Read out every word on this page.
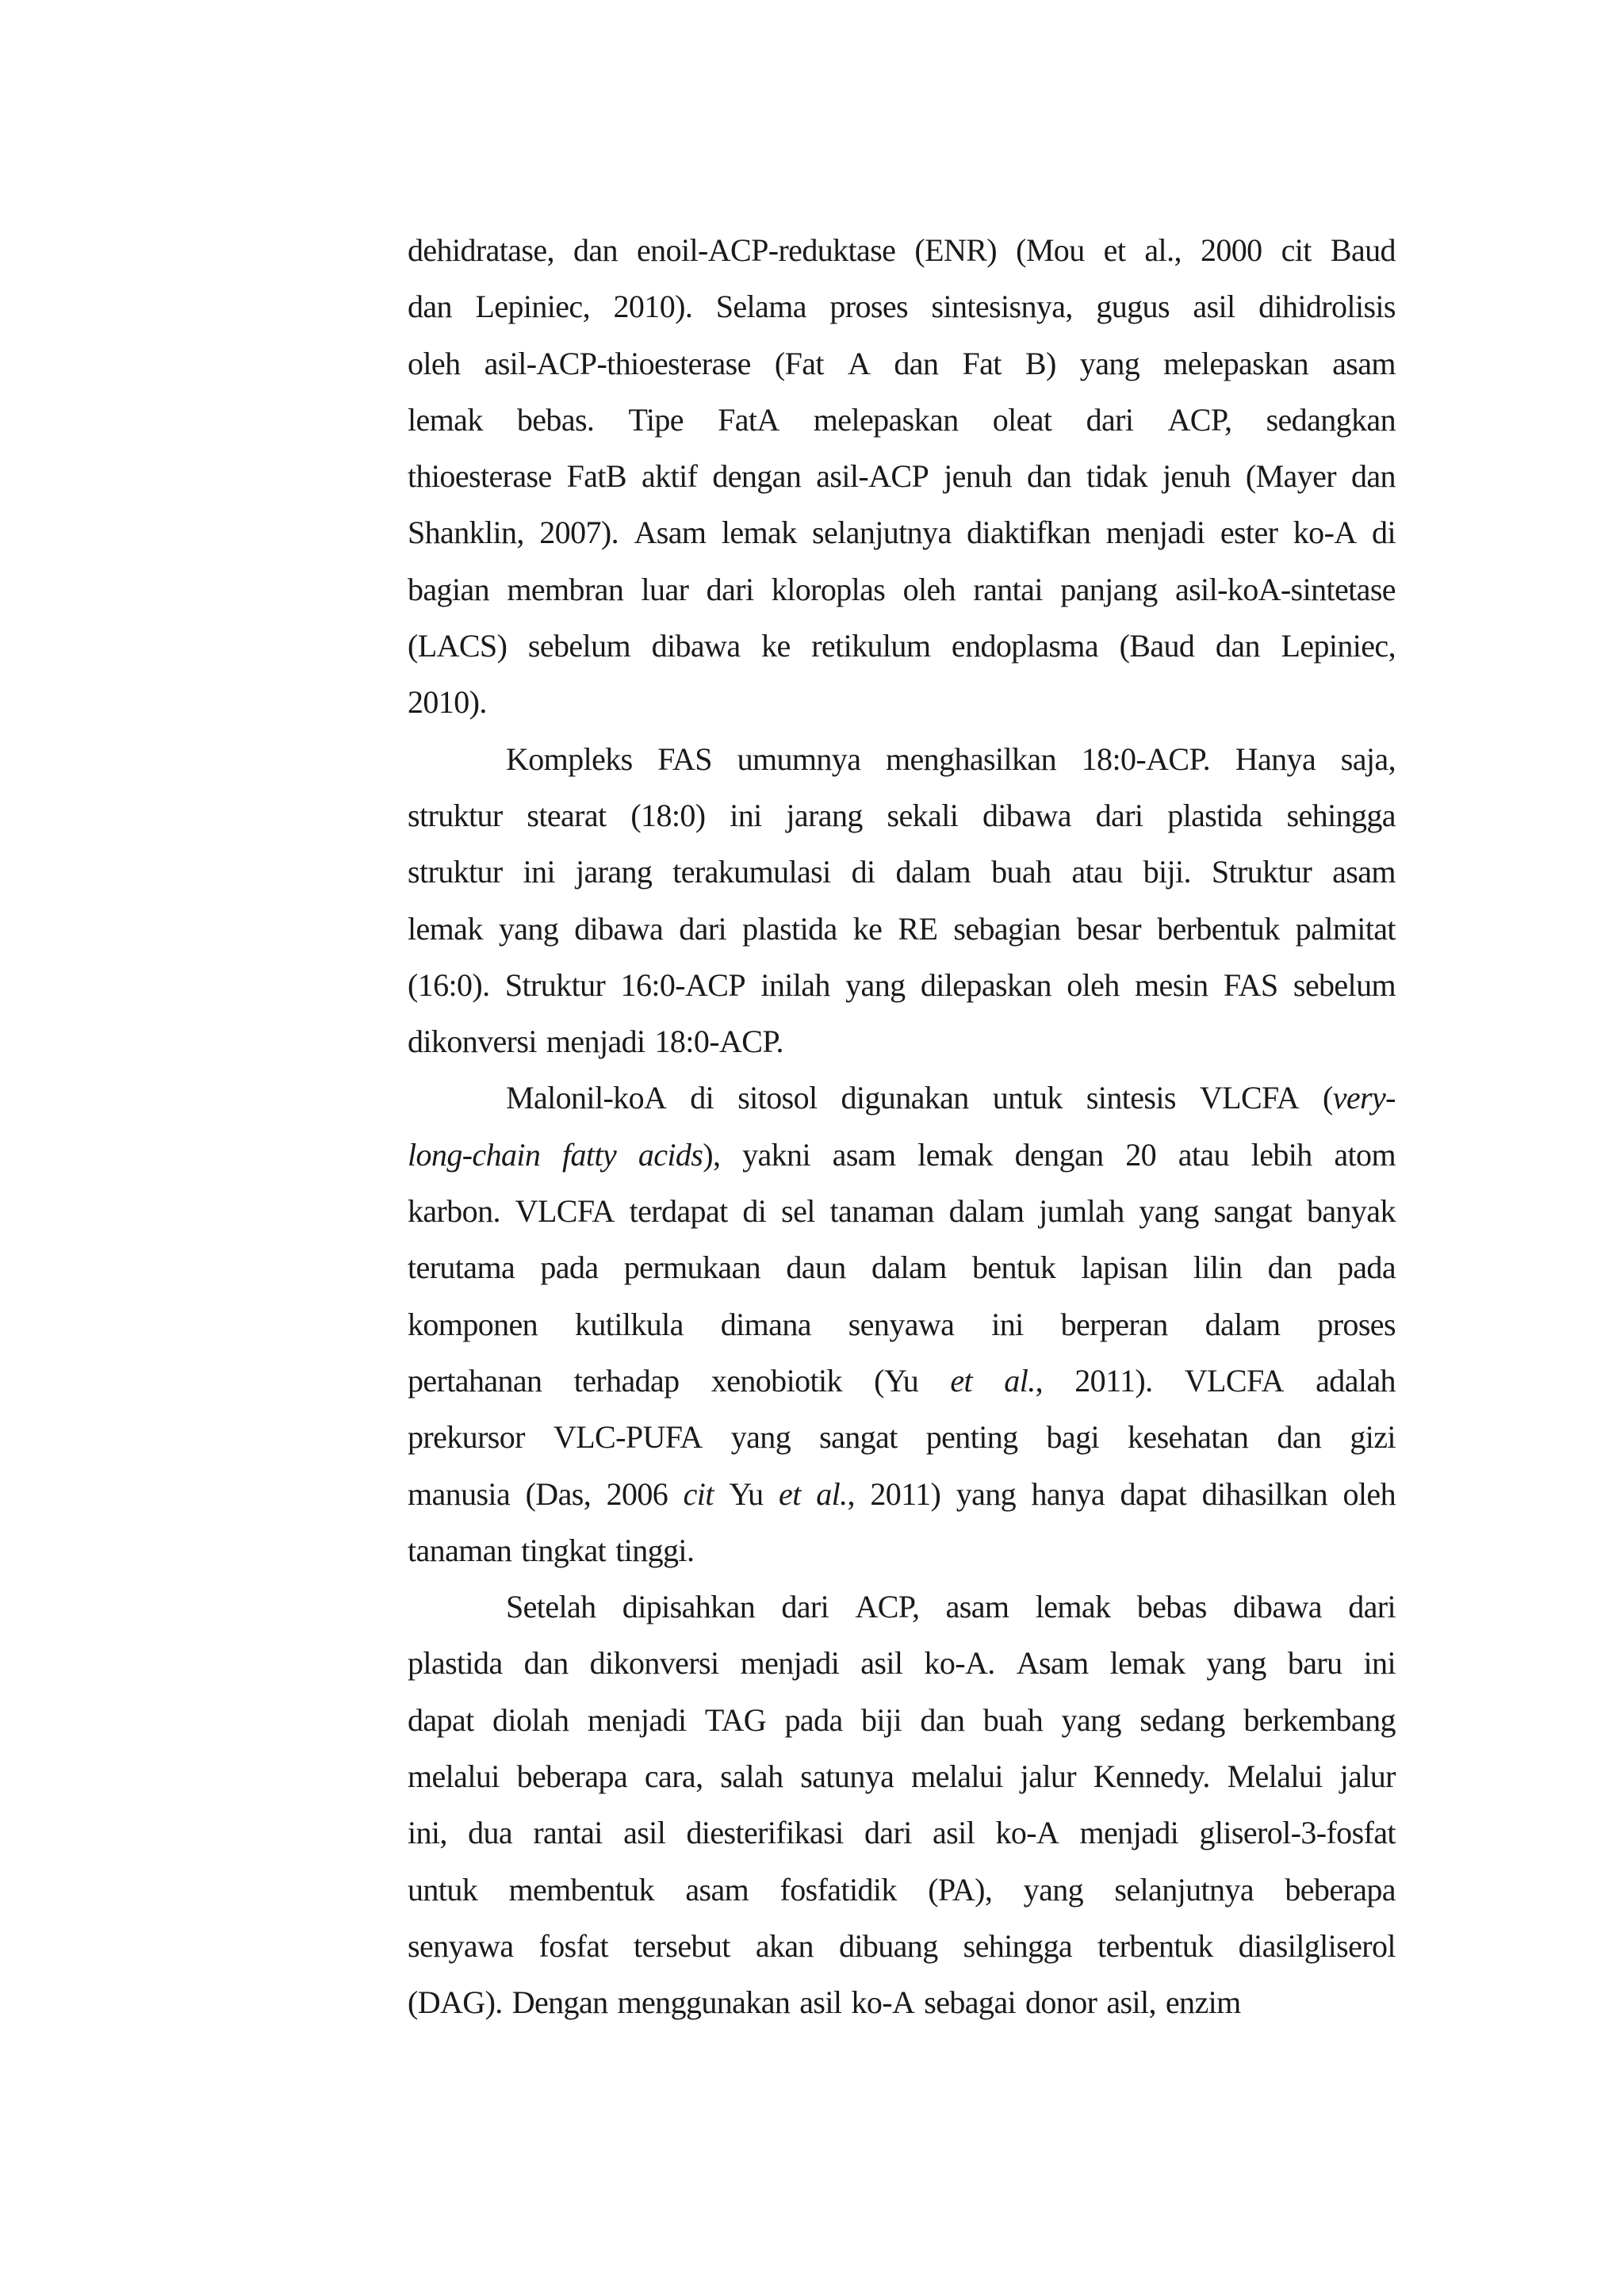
dehidratase, dan enoil-ACP-reduktase (ENR) (Mou et al., 2000 cit Baud
dan Lepiniec, 2010). Selama proses sintesisnya, gugus asil dihidrolisis
oleh asil-ACP-thioesterase (Fat A dan Fat B) yang melepaskan asam
lemak bebas. Tipe FatA melepaskan oleat dari ACP, sedangkan
thioesterase FatB aktif dengan asil-ACP jenuh dan tidak jenuh (Mayer dan
Shanklin, 2007). Asam lemak selanjutnya diaktifkan menjadi ester ko-A di
bagian membran luar dari kloroplas oleh rantai panjang asil-koA-sintetase
(LACS) sebelum dibawa ke retikulum endoplasma (Baud dan Lepiniec,
2010).
Kompleks FAS umumnya menghasilkan 18:0-ACP. Hanya saja,
struktur stearat (18:0) ini jarang sekali dibawa dari plastida sehingga
struktur ini jarang terakumulasi di dalam buah atau biji. Struktur asam
lemak yang dibawa dari plastida ke RE sebagian besar berbentuk palmitat
(16:0). Struktur 16:0-ACP inilah yang dilepaskan oleh mesin FAS sebelum
dikonversi menjadi 18:0-ACP.
Malonil-koA di sitosol digunakan untuk sintesis VLCFA (very-
long-chain fatty acids), yakni asam lemak dengan 20 atau lebih atom
karbon. VLCFA terdapat di sel tanaman dalam jumlah yang sangat banyak
terutama pada permukaan daun dalam bentuk lapisan lilin dan pada
komponen kutilkula dimana senyawa ini berperan dalam proses
pertahanan terhadap xenobiotik (Yu et al., 2011). VLCFA adalah
prekursor VLC-PUFA yang sangat penting bagi kesehatan dan gizi
manusia (Das, 2006 cit Yu et al., 2011) yang hanya dapat dihasilkan oleh
tanaman tingkat tinggi.
Setelah dipisahkan dari ACP, asam lemak bebas dibawa dari
plastida dan dikonversi menjadi asil ko-A. Asam lemak yang baru ini
dapat diolah menjadi TAG pada biji dan buah yang sedang berkembang
melalui beberapa cara, salah satunya melalui jalur Kennedy. Melalui jalur
ini, dua rantai asil diesterifikasi dari asil ko-A menjadi gliserol-3-fosfat
untuk membentuk asam fosfatidik (PA), yang selanjutnya beberapa
senyawa fosfat tersebut akan dibuang sehingga terbentuk diasilgliserol
(DAG). Dengan menggunakan asil ko-A sebagai donor asil, enzim
